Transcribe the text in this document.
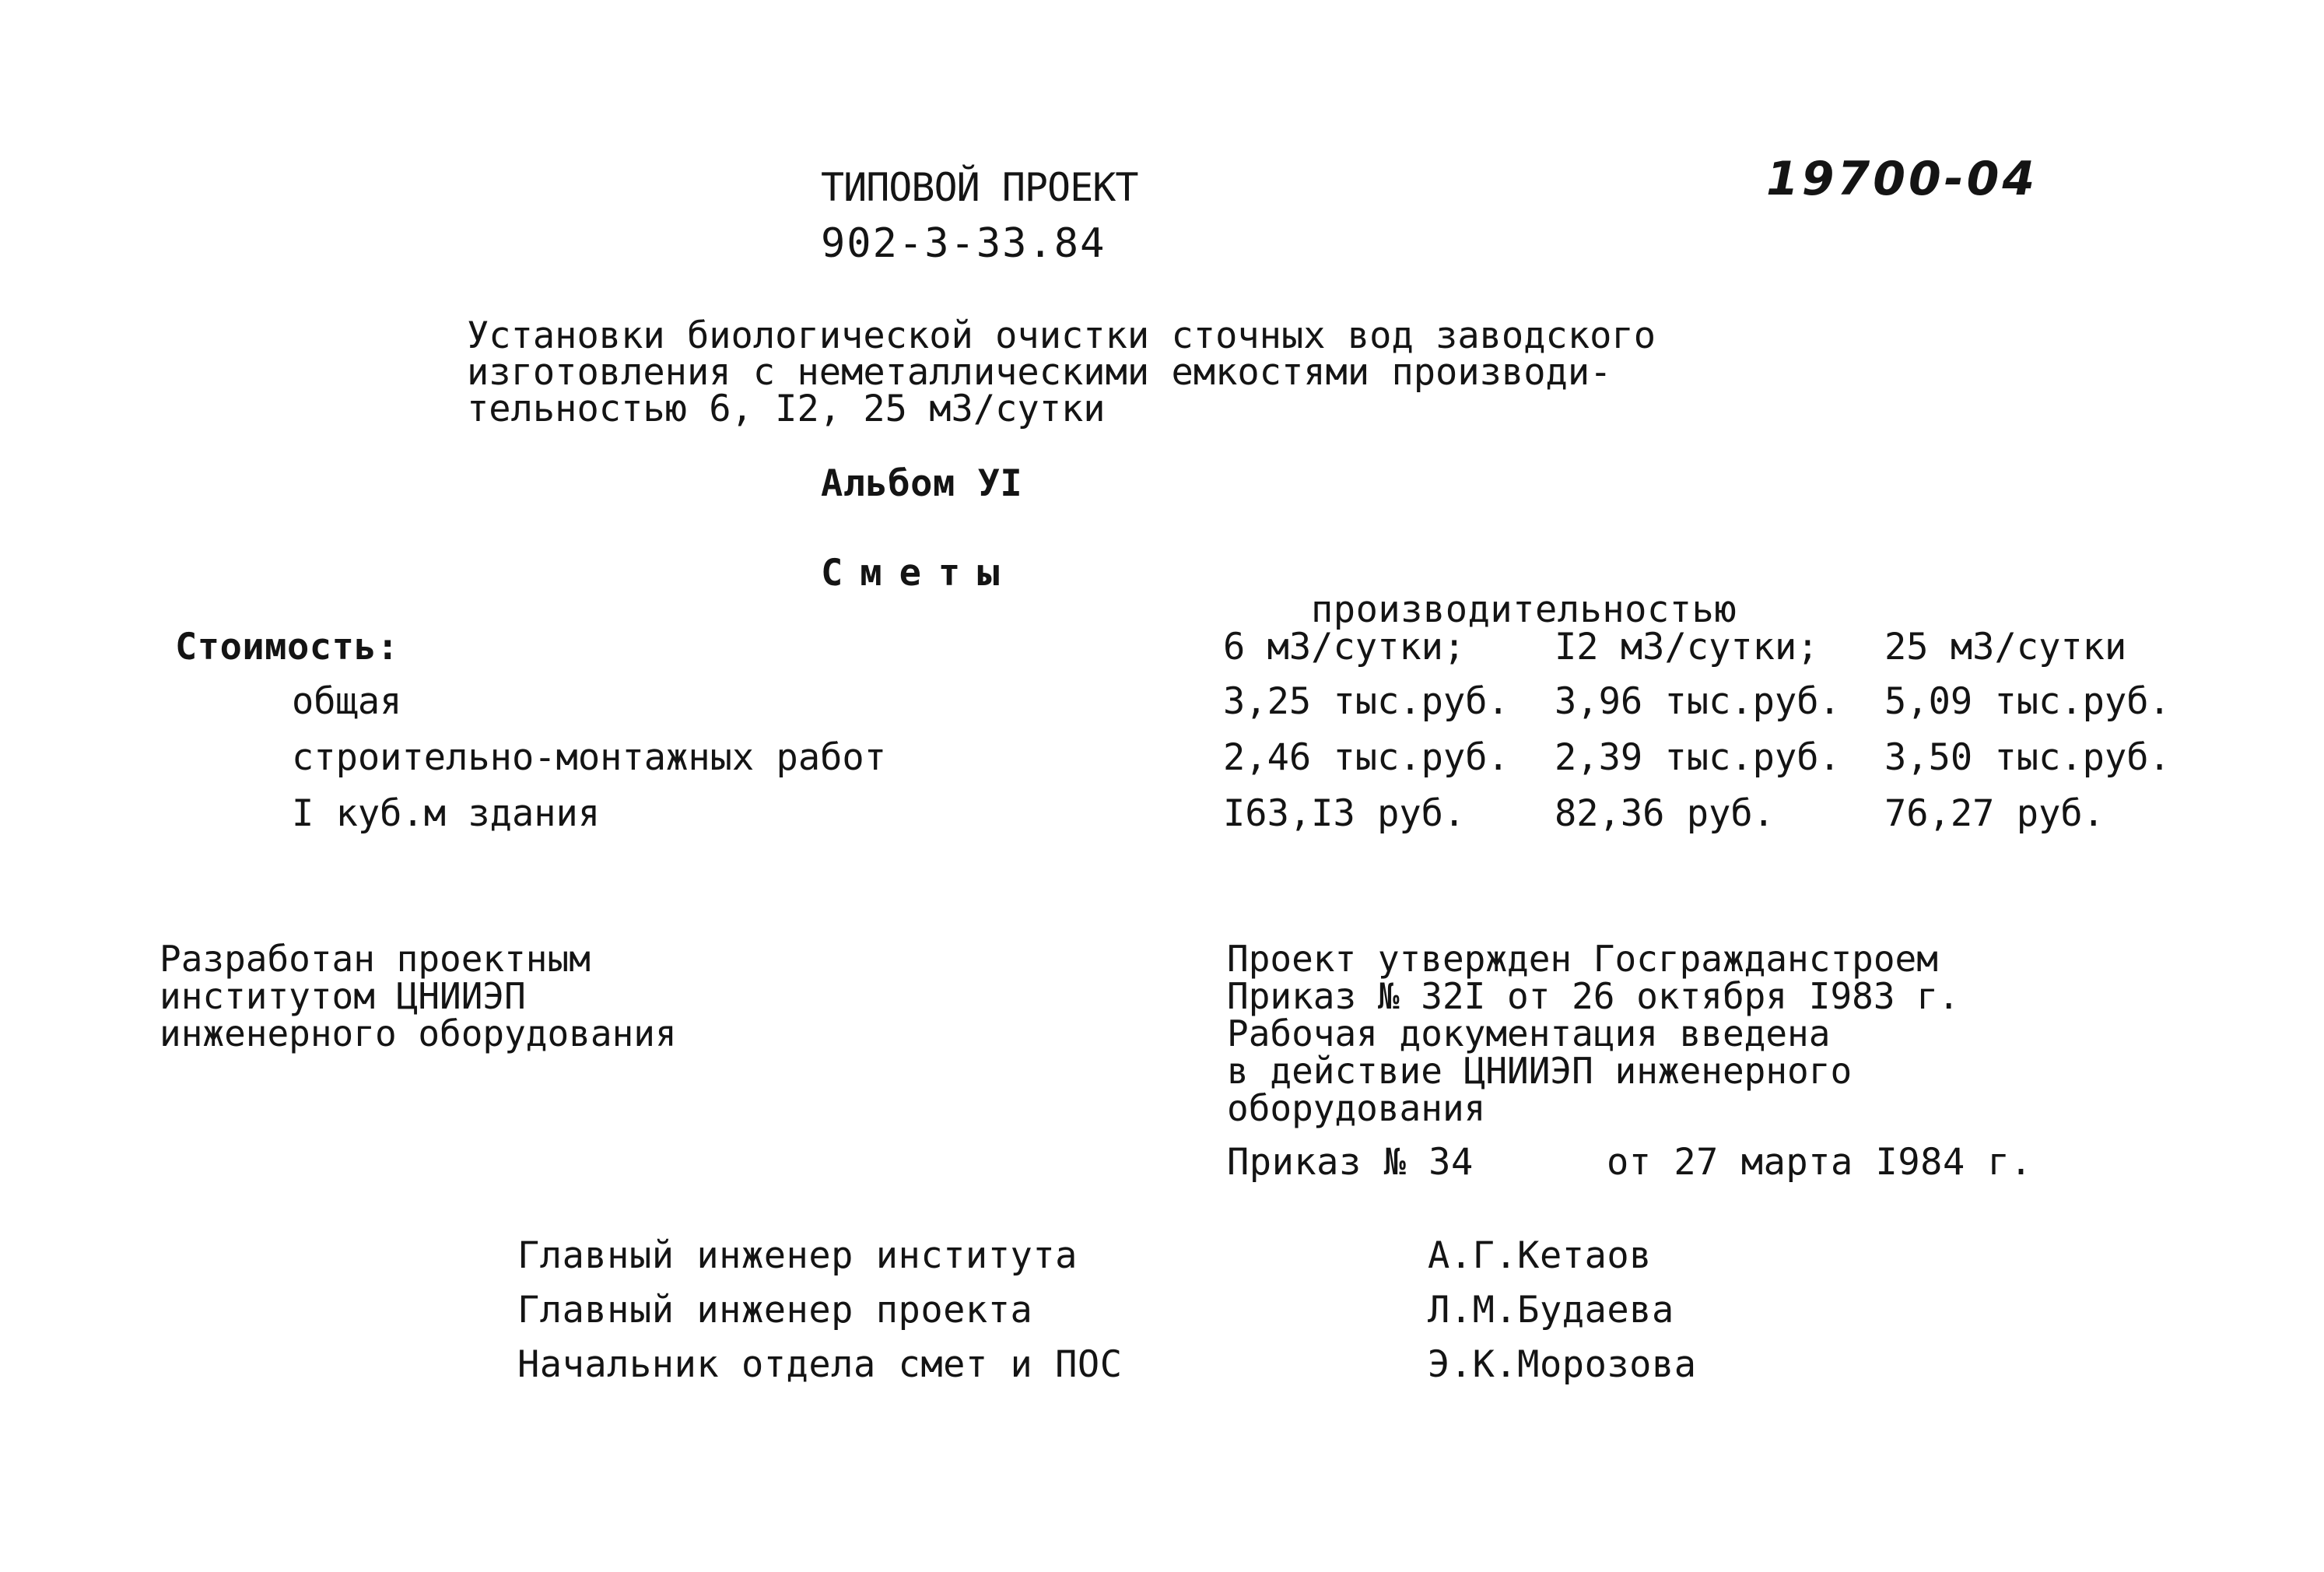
ТИПОВОЙ ПРОЕКТ
902-3-33.84
19700-04
Установки биологической очистки сточных вод заводского
изготовления с неметаллическими емкостями производи-
тельностью 6, I2, 25 мЗ/сутки
Альбом УI
Сметы
производительностью
Стоимость:	6 мЗ/сутки; I2 мЗ/сутки; 25 мЗ/сутки
общая	3,25 тыс.руб. 3,96 тыс.руб. 5,09 тыс.руб.
строительно-монтажных работ	2,46 тыс.руб. 2,39 тыс.руб. 3,50 тыс.руб.
I куб.м здания	I63,I3 руб. 82,36 руб.	76,27 руб.
Разработан проектным
институтом ЦНИИЭП
инженерного оборудования
Проект утвержден Госгражданстроем
Приказ № 32I от 26 октября I983 г.
Рабочая документация введена
в действие ЦНИИЭП инженерного
оборудования
Приказ № 34	от 27 марта I984 г.
Главный инженер института	А.Г.Кетаов
Главный инженер проекта	Л.М.Будаева
Начальник отдела смет и ПОС	Э.К.Морозова
